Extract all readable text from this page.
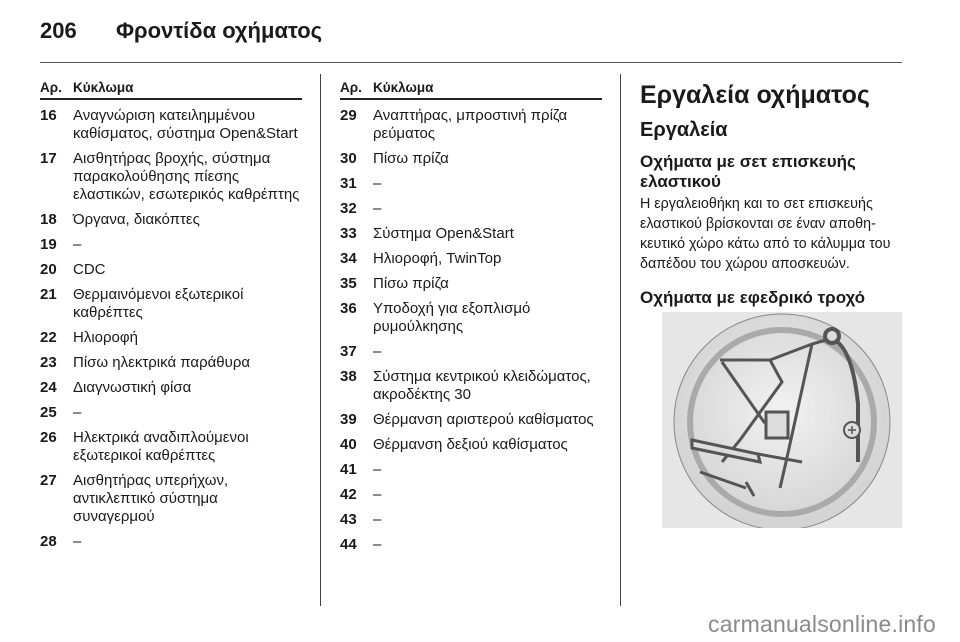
206	Φροντίδα οχήματος
Αρ. Κύκλωμα
16	Αναγνώριση κατειλημμένου καθίσματος, σύστημα Open&Start
17	Αισθητήρας βροχής, σύστημα παρακολούθησης πίεσης ελαστικών, εσωτερικός καθρέπτης
18	Όργανα, διακόπτες
19	–
20	CDC
21	Θερμαινόμενοι εξωτερικοί καθρέπτες
22	Ηλιοροφή
23	Πίσω ηλεκτρικά παράθυρα
24	Διαγνωστική φίσα
25	–
26	Ηλεκτρικά αναδιπλούμενοι εξωτερικοί καθρέπτες
27	Αισθητήρας υπερήχων, αντικλεπτικό σύστημα συναγερμού
28	–
Αρ. Κύκλωμα
29	Αναπτήρας, μπροστινή πρίζα ρεύματος
30	Πίσω πρίζα
31	–
32	–
33	Σύστημα Open&Start
34	Ηλιοροφή, TwinTop
35	Πίσω πρίζα
36	Υποδοχή για εξοπλισμό ρυμούλκησης
37	–
38	Σύστημα κεντρικού κλειδώματος, ακροδέκτης 30
39	Θέρμανση αριστερού καθίσματος
40	Θέρμανση δεξιού καθίσματος
41	–
42	–
43	–
44	–
Εργαλεία οχήματος
Εργαλεία
Οχήματα με σετ επισκευής ελαστικού
Η εργαλειοθήκη και το σετ επισκευής ελαστικού βρίσκονται σε έναν αποθη-κευτικό χώρο κάτω από το κάλυμμα του δαπέδου του χώρου αποσκευών.
Οχήματα με εφεδρικό τροχό
carmanualsonline.info
